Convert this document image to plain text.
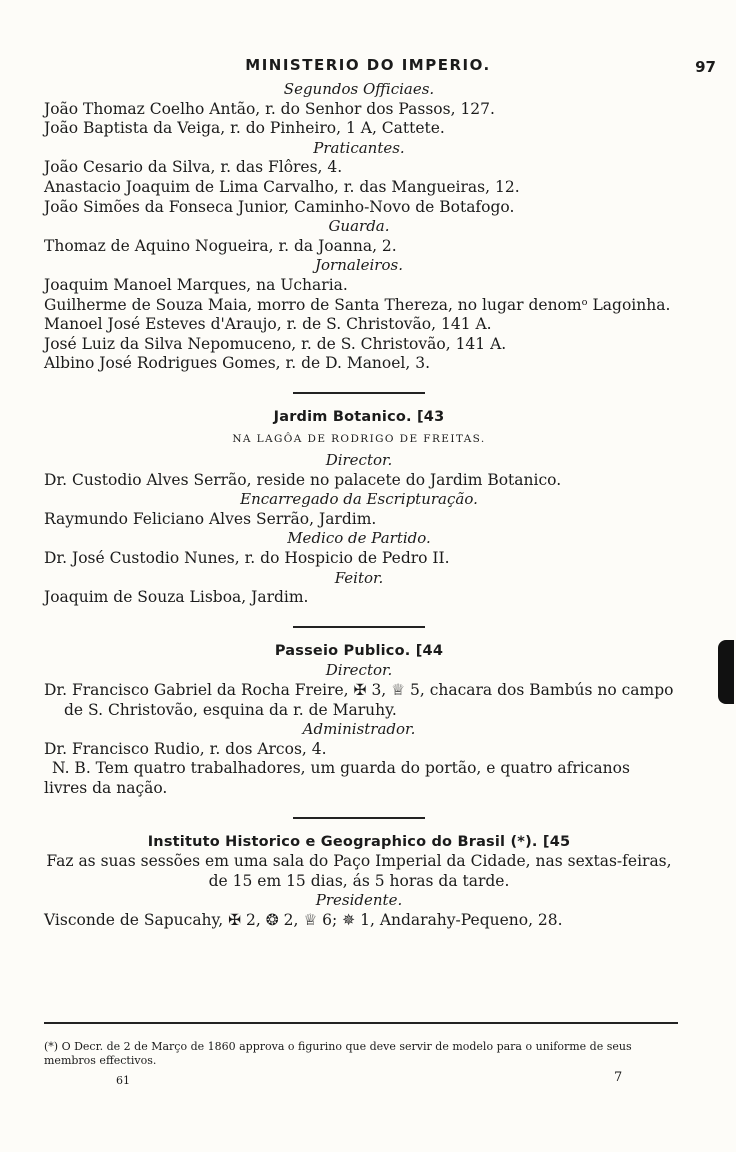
MINISTERIO DO IMPERIO.	97
Segundos Officiaes.
João Thomaz Coelho Antão, r. do Senhor dos Passos, 127.
João Baptista da Veiga, r. do Pinheiro, 1 A, Cattete.
Praticantes.
João Cesario da Silva, r. das Flôres, 4.
Anastacio Joaquim de Lima Carvalho, r. das Mangueiras, 12.
João Simões da Fonseca Junior, Caminho-Novo de Botafogo.
Guarda.
Thomaz de Aquino Nogueira, r. da Joanna, 2.
Jornaleiros.
Joaquim Manoel Marques, na Ucharia.
Guilherme de Souza Maia, morro de Santa Thereza, no lugar denomᵒ Lagoinha.
Manoel José Esteves d'Araujo, r. de S. Christovão, 141 A.
José Luiz da Silva Nepomuceno, r. de S. Christovão, 141 A.
Albino José Rodrigues Gomes, r. de D. Manoel, 3.
Jardim Botanico. [43
NA LAGÔA DE RODRIGO DE FREITAS.
Director.
Dr. Custodio Alves Serrão, reside no palacete do Jardim Botanico.
Encarregado da Escripturação.
Raymundo Feliciano Alves Serrão, Jardim.
Medico de Partido.
Dr. José Custodio Nunes, r. do Hospicio de Pedro II.
Feitor.
Joaquim de Souza Lisboa, Jardim.
Passeio Publico. [44
Director.
Dr. Francisco Gabriel da Rocha Freire, ✠ 3, ♕ 5, chacara dos Bambús no campo de S. Christovão, esquina da r. de Maruhy.
Administrador.
Dr. Francisco Rudio, r. dos Arcos, 4.
N. B. Tem quatro trabalhadores, um guarda do portão, e quatro africanos livres da nação.
Instituto Historico e Geographico do Brasil (*). [45
Faz as suas sessões em uma sala do Paço Imperial da Cidade, nas sextas-feiras, de 15 em 15 dias, ás 5 horas da tarde.
Presidente.
Visconde de Sapucahy, ✠ 2, ❂ 2, ♕ 6; ✵ 1, Andarahy-Pequeno, 28.
(*) O Decr. de 2 de Março de 1860 approva o figurino que deve servir de modelo para o uniforme de seus membros effectivos.
61	7
